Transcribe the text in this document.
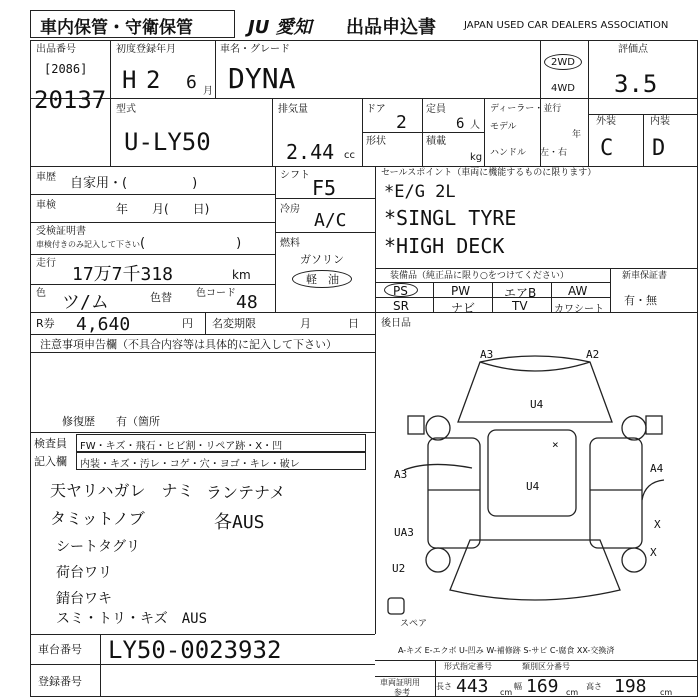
車内保管・守衛保管	JU 愛知 出品申込書	JAPAN USED CAR DEALERS ASSOCIATION
出品番号
[2086]
20137
初度登録年月
H 2 6 月
車名・グレード
DYNA	2WD
4WD
評価点
3.5
型式
U-LY50
排気量
2.44 cc
ドア
2
形状
定員
6 人
積載
kg
ディーラー・並行
モデル
年
ハンドル 左・右
外装	内装
C D
車歴 自家用・(　　　　　)
車検	年　　月(　　日)
受検証明書
車検付きのみ記入して下さい (　　　　　　　)
走行
17万7千318	km
色 ツ/ム	色替 色コード 48
シフト
F5
冷房
A/C
燃料
ガソリン
軽　油
セールスポイント（車両に機能するものに限ります）
*E/G 2L
*SINGL TYRE
*HIGH DECK
装備品（純正品に限り○をつけてください）
PS	PW	エアB	AW
SR	ナビ	TV	カワシート
新車保証書
有・無
R券 4,640	円 名変期限	月	日 後日品
注意事項申告欄（不具合内容等は具体的に記入して下さい）
修復歴 有（箇所
検査員
記入欄
FW・キズ・飛石・ヒビ割・リペア跡・X・凹
内装・キズ・汚レ・コゲ・穴・ヨゴ・キレ・破レ
天ヤリハガレ　ナミ
タミットノブ
シートタグリ
荷台ワリ
錆台ワキ
スミ・トリ・キズ　AUS
ランテナメ
各AUS
A3	A2
U4
×
U4
A3	A4
X
UA3
X
U2
スペア
A-キズ E-エクボ U-凹み W-補修跡 S-サビ C-腐食 XX-交換済
車台番号 LY50-0023932
登録番号
形式指定番号	類別区分番号
車両証明用
参考
長さ 443 cm
幅 169 cm
高さ 198 cm
